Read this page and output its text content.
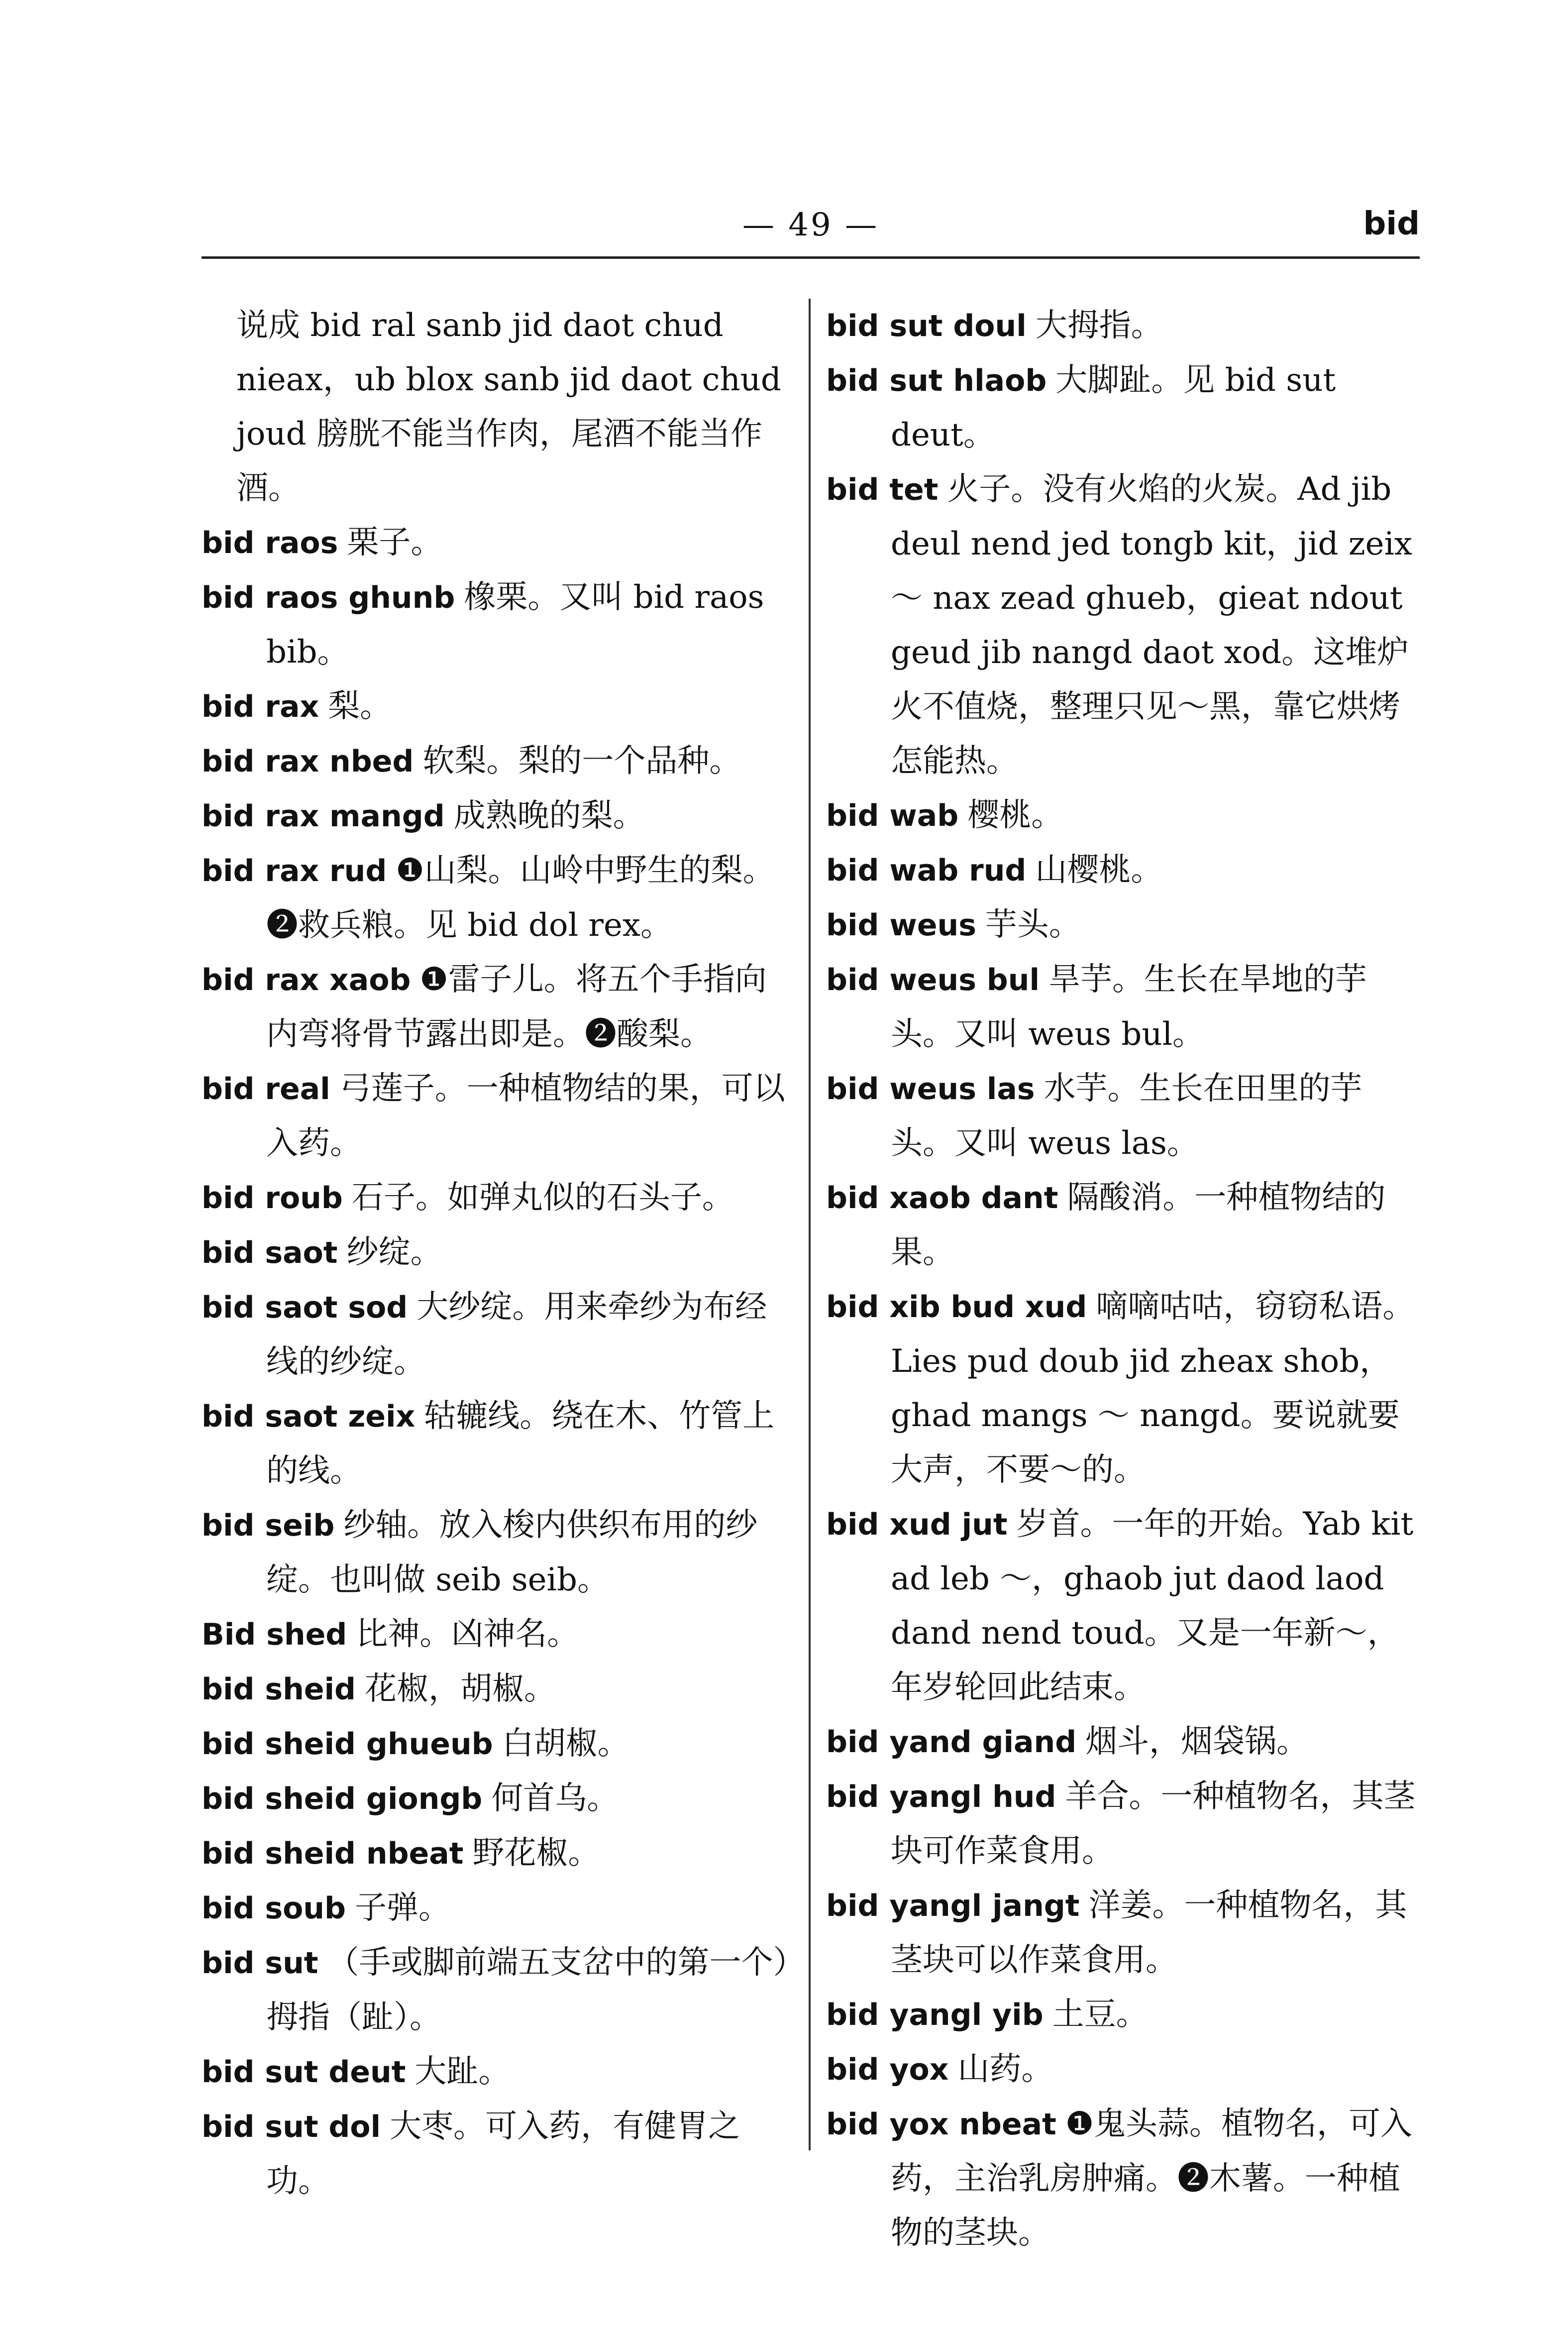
— 49 —	bid

说成 bid ral sanb jid daot chud nieax，ub blox sanb jid daot chud joud 膀胱不能当作肉，尾酒不能当作酒。

bid raos 栗子。

bid raos ghunb 橡栗。又叫 bid raos bib。

bid rax 梨。

bid rax nbed 软梨。梨的一个品种。

bid rax mangd 成熟晚的梨。

bid rax rud ❶山梨。山岭中野生的梨。❷救兵粮。见 bid dol rex。

bid rax xaob ❶雷子儿。将五个手指向内弯将骨节露出即是。❷酸梨。

bid real 弓莲子。一种植物结的果，可以入药。

bid roub 石子。如弹丸似的石头子。

bid saot 纱绽。

bid saot sod 大纱绽。用来牵纱为布经线的纱绽。

bid saot zeix 轱辘线。绕在木、竹管上的线。

bid seib 纱轴。放入梭内供织布用的纱绽。也叫做 seib seib。

Bid shed 比神。凶神名。

bid sheid 花椒，胡椒。

bid sheid ghueub 白胡椒。

bid sheid giongb 何首乌。

bid sheid nbeat 野花椒。

bid soub 子弹。

bid sut （手或脚前端五支岔中的第一个）拇指（趾）。

bid sut deut 大趾。

bid sut dol 大枣。可入药，有健胃之功。

bid sut doul 大拇指。

bid sut hlaob 大脚趾。见 bid sut deut。

bid tet 火子。没有火焰的火炭。Ad jib deul nend jed tongb kit，jid zeix ～ nax zead ghueb，gieat ndout geud jib nangd daot xod。这堆炉火不值烧，整理只见～黑，靠它烘烤怎能热。

bid wab 樱桃。

bid wab rud 山樱桃。

bid weus 芋头。

bid weus bul 旱芋。生长在旱地的芋头。又叫 weus bul。

bid weus las 水芋。生长在田里的芋头。又叫 weus las。

bid xaob dant 隔酸消。一种植物结的果。

bid xib bud xud 嘀嘀咕咕，窃窃私语。Lies pud doub jid zheax shob，ghad mangs ～ nangd。要说就要大声，不要～的。

bid xud jut 岁首。一年的开始。Yab kit ad leb ～，ghaob jut daod laod dand nend toud。又是一年新～，年岁轮回此结束。

bid yand giand 烟斗，烟袋锅。

bid yangl hud 羊合。一种植物名，其茎块可作菜食用。

bid yangl jangt 洋姜。一种植物名，其茎块可以作菜食用。

bid yangl yib 土豆。

bid yox 山药。

bid yox nbeat ❶鬼头蒜。植物名，可入药，主治乳房肿痛。❷木薯。一种植物的茎块。
